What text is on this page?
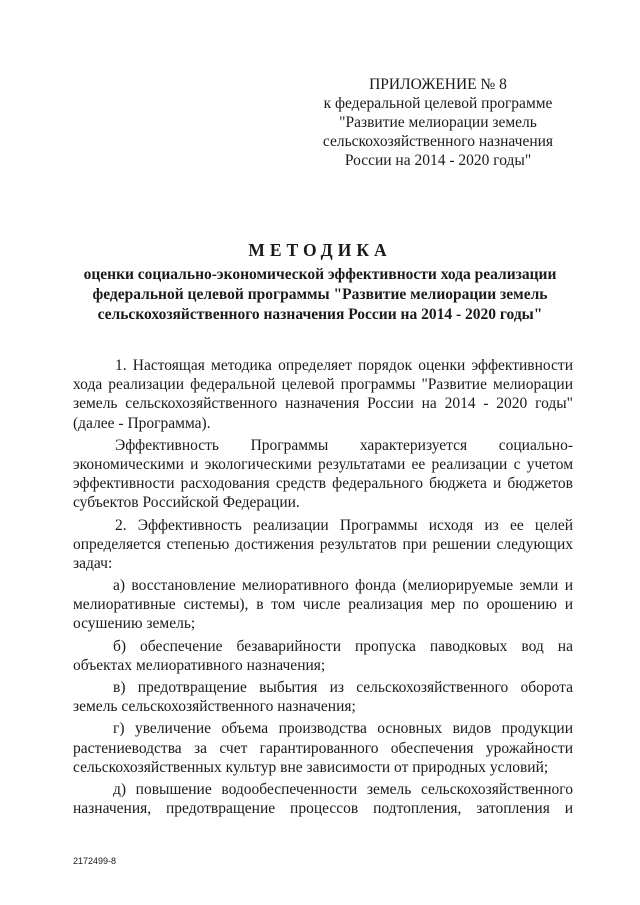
ПРИЛОЖЕНИЕ № 8
к федеральной целевой программе
"Развитие мелиорации земель
сельскохозяйственного назначения
России на 2014 - 2020 годы"
МЕТОДИКА
оценки социально-экономической эффективности хода реализации
федеральной целевой программы "Развитие мелиорации земель
сельскохозяйственного назначения России на 2014 - 2020 годы"
1. Настоящая методика определяет порядок оценки эффективности
хода реализации федеральной целевой программы "Развитие мелиорации
земель сельскохозяйственного назначения России на 2014 - 2020 годы"
(далее - Программа).
Эффективность Программы характеризуется социально-
экономическими и экологическими результатами ее реализации с учетом
эффективности расходования средств федерального бюджета и бюджетов
субъектов Российской Федерации.
2. Эффективность реализации Программы исходя из ее целей
определяется степенью достижения результатов при решении следующих
задач:
а) восстановление мелиоративного фонда (мелиорируемые земли и
мелиоративные системы), в том числе реализация мер по орошению и
осушению земель;
б) обеспечение безаварийности пропуска паводковых вод на
объектах мелиоративного назначения;
в) предотвращение выбытия из сельскохозяйственного оборота
земель сельскохозяйственного назначения;
г) увеличение объема производства основных видов продукции
растениеводства за счет гарантированного обеспечения урожайности
сельскохозяйственных культур вне зависимости от природных условий;
д) повышение водообеспеченности земель сельскохозяйственного
назначения, предотвращение процессов подтопления, затопления и
2172499-8
